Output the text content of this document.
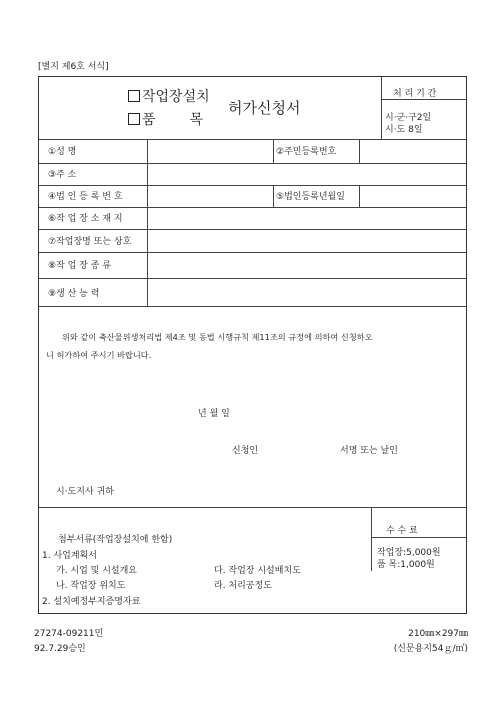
[별지 제6호 서식]
작업장설치
품 목
허가신청서
처 리 기 간
시·군·구2일
시·도 8일
①성 명	②주민등록번호
③주 소
④법 인 등 록 번 호	⑤법인등록년월일
⑥작 업 장 소 재 지
⑦작업장명 또는 상호
⑧작 업 장 종 류
⑨생 산 능 력
위와 같이 축산물위생처리법 제4조 및 동법 시행규칙 제11조의 규정에 의하여 신청하오
니 허가하여 주시기 바랍니다.
년 월 일
신청인	서명 또는 날인
시·도지사 귀하
첨부서류(작업장설치에 한함)
1. 사업계획서
가. 시업 및 시설개요
나. 작업장 위치도
다. 작업장 시설배치도
라. 처리공정도
2. 설치예정부지증명자료
수 수 료
작업장:5,000원
품 목:1,000원
27274-09211민
92.7.29승인
210㎜×297㎜
(신문용지54ｇ/㎡)
